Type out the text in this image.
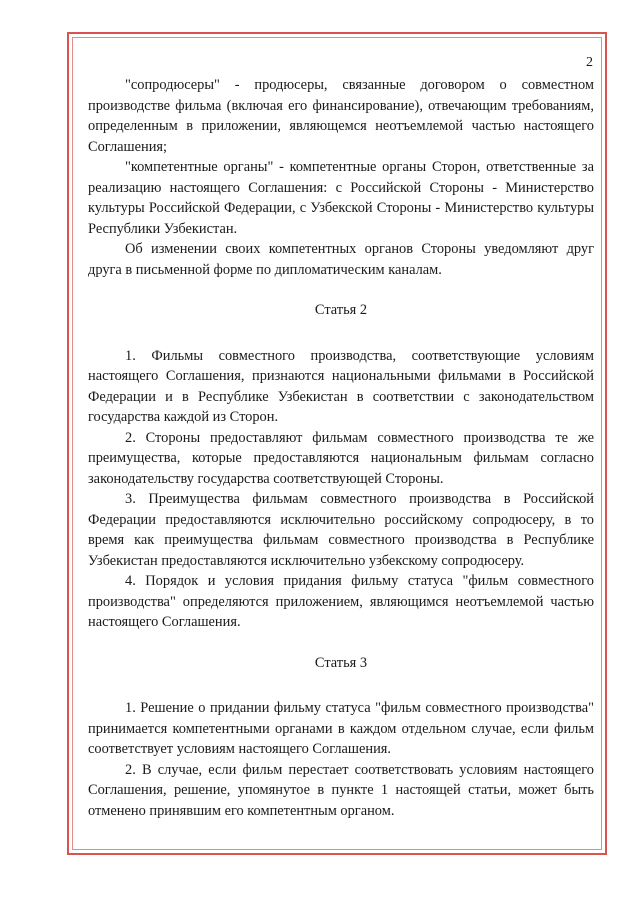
2

"сопродюсеры" - продюсеры, связанные договором о совместном производстве фильма (включая его финансирование), отвечающим требованиям, определенным в приложении, являющемся неотъемлемой частью настоящего Соглашения;

"компетентные органы" - компетентные органы Сторон, ответственные за реализацию настоящего Соглашения: с Российской Стороны - Министерство культуры Российской Федерации, с Узбекской Стороны - Министерство культуры Республики Узбекистан.

Об изменении своих компетентных органов Стороны уведомляют друг друга в письменной форме по дипломатическим каналам.

Статья 2

1. Фильмы совместного производства, соответствующие условиям настоящего Соглашения, признаются национальными фильмами в Российской Федерации и в Республике Узбекистан в соответствии с законодательством государства каждой из Сторон.

2. Стороны предоставляют фильмам совместного производства те же преимущества, которые предоставляются национальным фильмам согласно законодательству государства соответствующей Стороны.

3. Преимущества фильмам совместного производства в Российской Федерации предоставляются исключительно российскому сопродюсеру, в то время как преимущества фильмам совместного производства в Республике Узбекистан предоставляются исключительно узбекскому сопродюсеру.

4. Порядок и условия придания фильму статуса "фильм совместного производства" определяются приложением, являющимся неотъемлемой частью настоящего Соглашения.

Статья 3

1. Решение о придании фильму статуса "фильм совместного производства" принимается компетентными органами в каждом отдельном случае, если фильм соответствует условиям настоящего Соглашения.

2. В случае, если фильм перестает соответствовать условиям настоящего Соглашения, решение, упомянутое в пункте 1 настоящей статьи, может быть отменено принявшим его компетентным органом.
